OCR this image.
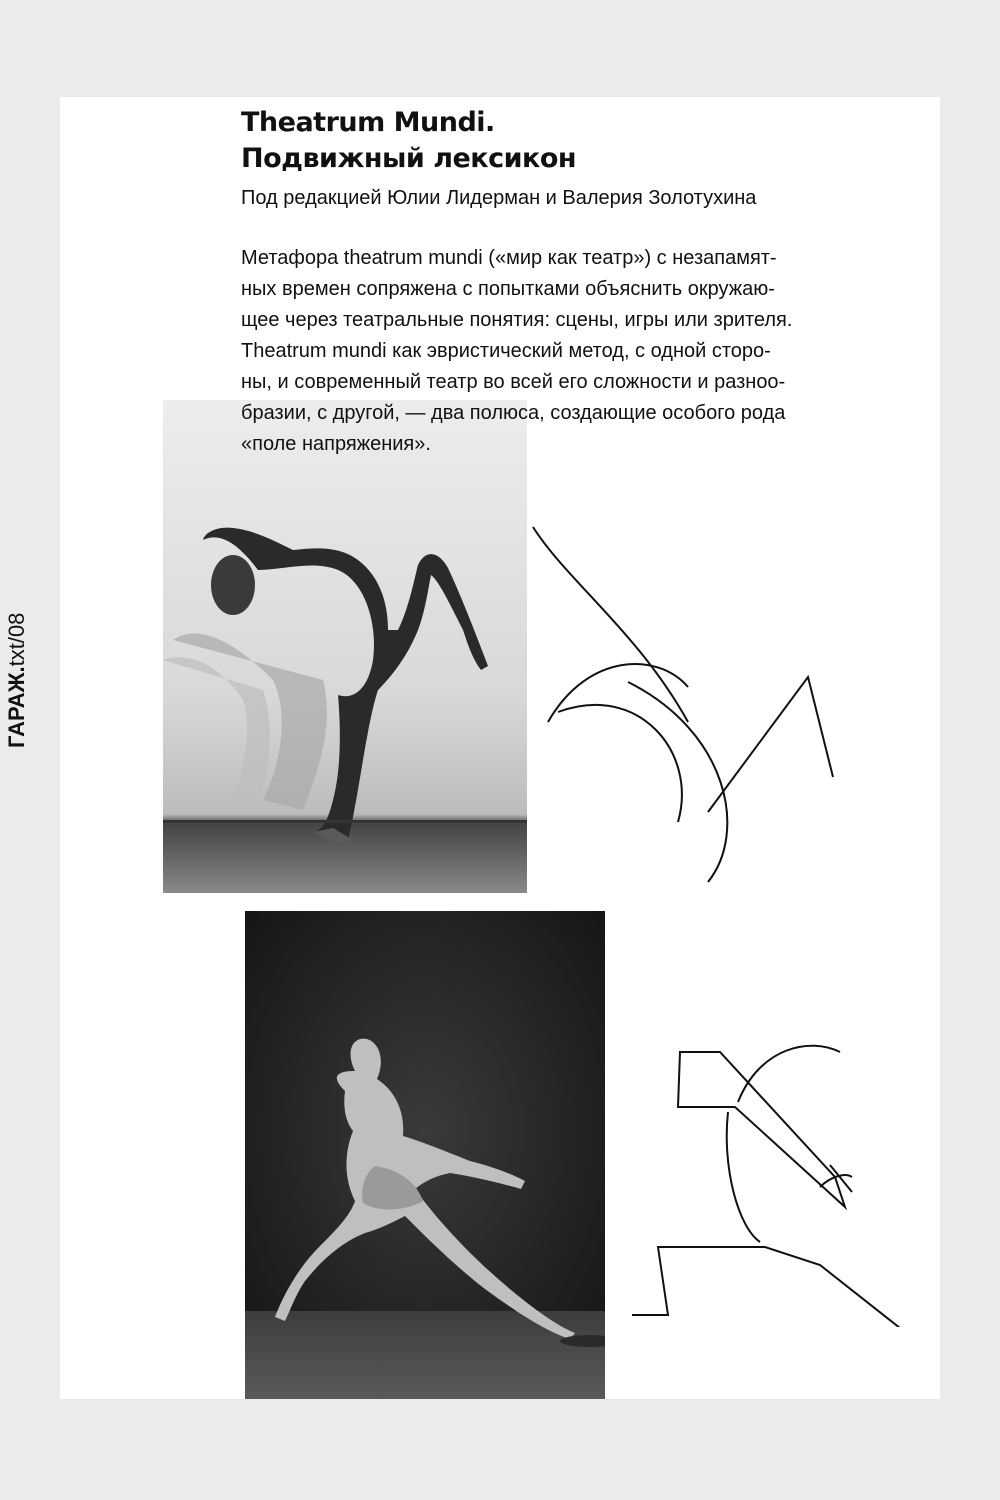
Theatrum Mundi.
Подвижный лексикон
Под редакцией Юлии Лидерман и Валерия Золотухина
Метафора theatrum mundi («мир как театр») с незапамят-
ных времен сопряжена с попытками объяснить окружаю-
щее через театральные понятия: сцены, игры или зрителя.
Theatrum mundi как эвристический метод, с одной сторо-
ны, и современный театр во всей его сложности и разноо-
бразии, с другой, — два полюса, создающие особого рода
«поле напряжения».
ГАРАЖ.txt/08
